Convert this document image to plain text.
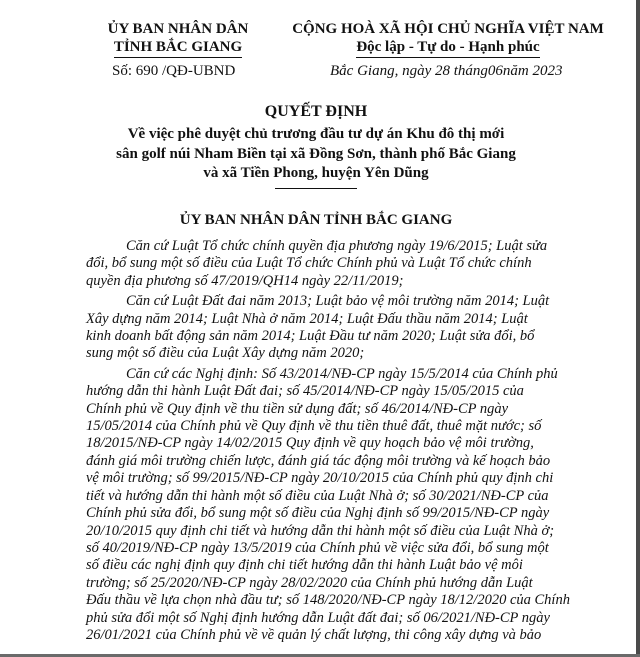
ỦY BAN NHÂN DÂN
TỈNH BẮC GIANG
Số: 690 /QĐ-UBND
CỘNG HOÀ XÃ HỘI CHỦ NGHĨA VIỆT NAM
Độc lập - Tự do - Hạnh phúc
Bắc Giang, ngày 28 tháng06năm 2023
QUYẾT ĐỊNH
Về việc phê duyệt chủ trương đầu tư dự án Khu đô thị mới
sân golf núi Nham Biền tại xã Đồng Sơn, thành phố Bắc Giang
và xã Tiền Phong, huyện Yên Dũng
ỦY BAN NHÂN DÂN TỈNH BẮC GIANG
Căn cứ Luật Tổ chức chính quyền địa phương ngày 19/6/2015; Luật sửa
đổi, bổ sung một số điều của Luật Tổ chức Chính phủ và Luật Tổ chức chính
quyền địa phương số 47/2019/QH14 ngày 22/11/2019;
Căn cứ Luật Đất đai năm 2013; Luật bảo vệ môi trường năm 2014; Luật
Xây dựng năm 2014; Luật Nhà ở năm 2014; Luật Đấu thầu năm 2014; Luật
kinh doanh bất động sản năm 2014; Luật Đầu tư năm 2020; Luật sửa đổi, bổ
sung một số điều của Luật Xây dựng năm 2020;
Căn cứ các Nghị định: Số 43/2014/NĐ-CP ngày 15/5/2014 của Chính phủ
hướng dẫn thi hành Luật Đất đai; số 45/2014/NĐ-CP ngày 15/05/2015 của
Chính phủ về Quy định về thu tiền sử dụng đất; số 46/2014/NĐ-CP ngày
15/05/2014 của Chính phủ về Quy định về thu tiền thuê đất, thuê mặt nước; số
18/2015/NĐ-CP ngày 14/02/2015 Quy định về quy hoạch bảo vệ môi trường,
đánh giá môi trường chiến lược, đánh giá tác động môi trường và kế hoạch bảo
vệ môi trường; số 99/2015/NĐ-CP ngày 20/10/2015 của Chính phủ quy định chi
tiết và hướng dẫn thi hành một số điều của Luật Nhà ở; số 30/2021/NĐ-CP của
Chính phủ sửa đổi, bổ sung một số điều của Nghị định số 99/2015/NĐ-CP ngày
20/10/2015 quy định chi tiết và hướng dẫn thi hành một số điều của Luật Nhà ở;
số 40/2019/NĐ-CP ngày 13/5/2019 của Chính phủ về việc sửa đổi, bổ sung một
số điều các nghị định quy định chi tiết hướng dẫn thi hành Luật bảo vệ môi
trường; số 25/2020/NĐ-CP ngày 28/02/2020 của Chính phủ hướng dẫn Luật
Đấu thầu về lựa chọn nhà đầu tư; số 148/2020/NĐ-CP ngày 18/12/2020 của Chính
phủ sửa đổi một số Nghị định hướng dẫn Luật đất đai; số 06/2021/NĐ-CP ngày
26/01/2021 của Chính phủ về về quản lý chất lượng, thi công xây dựng và bảo
